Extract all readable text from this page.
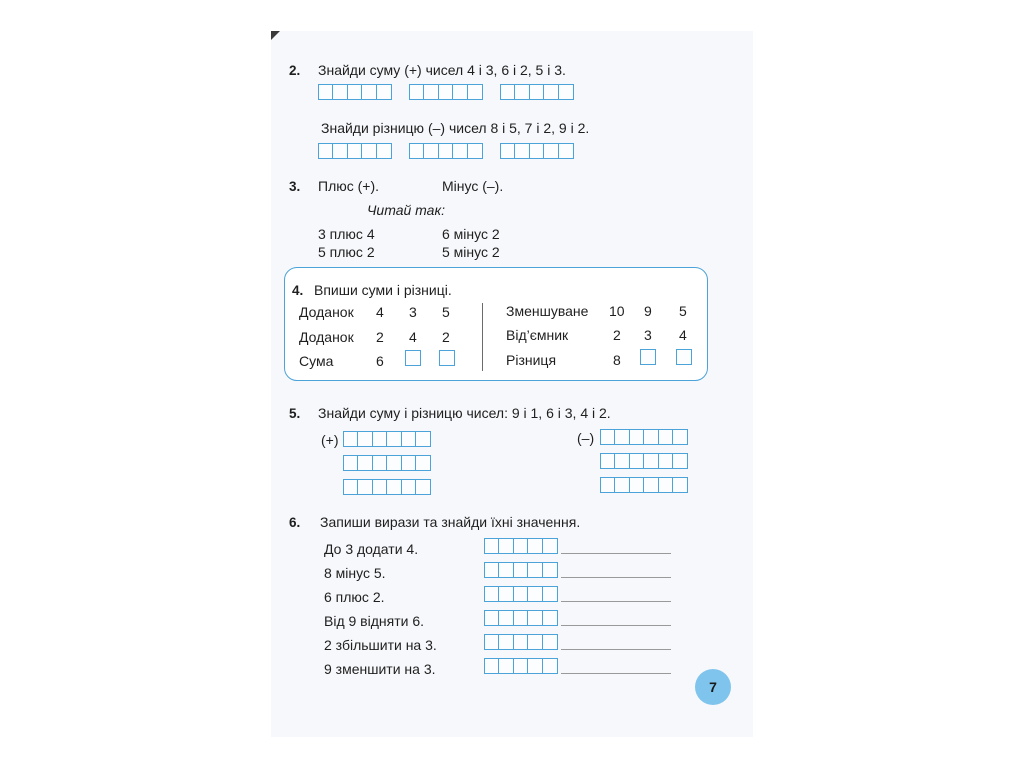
2. Знайди суму (+) чисел 4 і 3, 6 і 2, 5 і 3.
Знайди різницю (–) чисел 8 і 5, 7 і 2, 9 і 2.
3. Плюс (+).	Мінус (–).
Читай так:
3 плюс 4	6 мінус 2
5 плюс 2	5 мінус 2
4. Впиши суми і різниці.
Доданок 4 3 5
Доданок 2 4 2
Сума	6
Зменшуване 10 9 5
Від’ємник	2 3 4
Різниця	8
5. Знайди суму і різницю чисел: 9 і 1, 6 і 3, 4 і 2.
(+)	(–)
6. Запиши вирази та знайди їхні значення.
До 3 додати 4.
8 мінус 5.
6 плюс 2.
Від 9 відняти 6.
2 збільшити на 3.
9 зменшити на 3.
7
